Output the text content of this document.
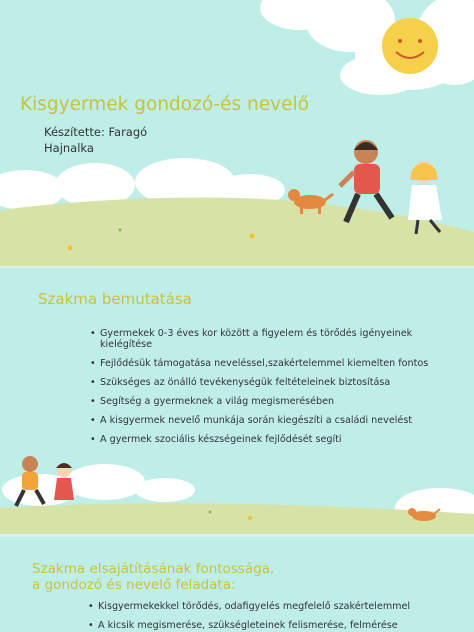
Kisgyermek gondozó-és nevelő
Készítette: Faragó
Hajnalka
Szakma bemutatása
• Gyermekek 0-3 éves kor között a figyelem és törődés igényeinek kielégítése
• Fejlődésük támogatása neveléssel,szakértelemmel kiemelten fontos
• Szükséges az önálló tevékenységük feltételeinek biztosítása
• Segítség a gyermeknek a világ megismerésében
• A kisgyermek nevelő munkája során kiegészíti a családi nevelést
• A gyermek szociális készségeinek fejlődését segíti
Szakma elsajátításának fontossága,
a gondozó és nevelő feladata:
• Kisgyermekekkel törődés, odafigyelés megfelelő szakértelemmel
• A kicsik megismerése, szükségleteinek felismerése, felmérése
